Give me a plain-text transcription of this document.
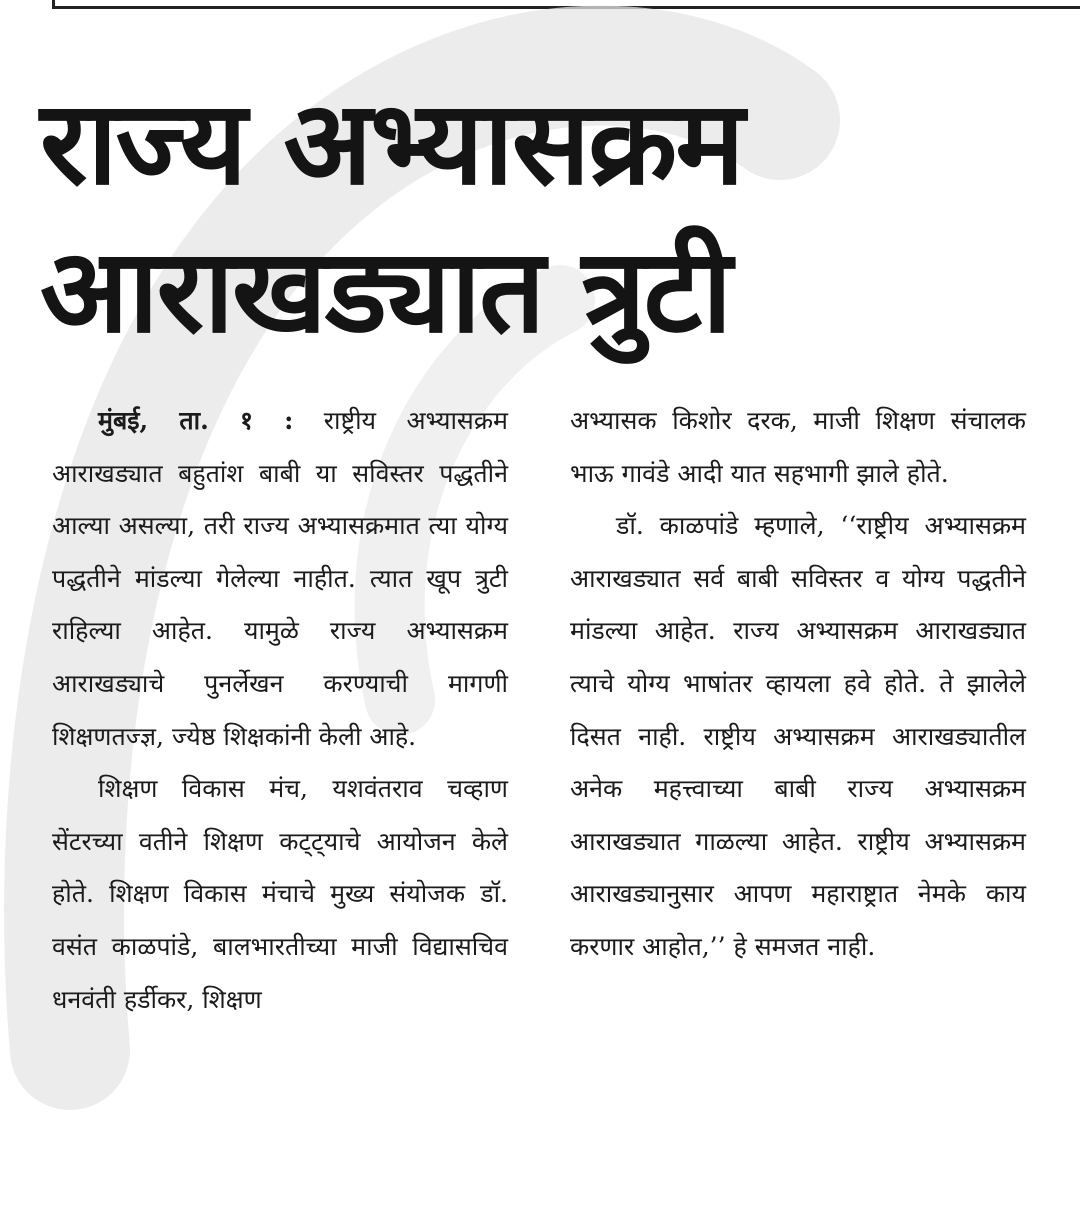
राज्य अभ्यासक्रम
आराखड्यात त्रुटी

मुंबई, ता. १ : राष्ट्रीय अभ्यासक्रम आराखड्यात बहुतांश बाबी या सविस्तर पद्धतीने आल्या असल्या, तरी राज्य अभ्यासक्रमात त्या योग्य पद्धतीने मांडल्या गेलेल्या नाहीत. त्यात खूप त्रुटी राहिल्या आहेत. यामुळे राज्य अभ्यासक्रम आराखड्याचे पुनर्लेखन करण्याची मागणी शिक्षणतज्ज्ञ, ज्येष्ठ शिक्षकांनी केली आहे.

शिक्षण विकास मंच, यशवंतराव चव्हाण सेंटरच्या वतीने शिक्षण कट्ट्याचे आयोजन केले होते. शिक्षण विकास मंचाचे मुख्य संयोजक डॉ. वसंत काळपांडे, बालभारतीच्या माजी विद्यासचिव धनवंती हर्डीकर, शिक्षण

अभ्यासक किशोर दरक, माजी शिक्षण संचालक भाऊ गावंडे आदी यात सहभागी झाले होते.

डॉ. काळपांडे म्हणाले, ‘‘राष्ट्रीय अभ्यासक्रम आराखड्यात सर्व बाबी सविस्तर व योग्य पद्धतीने मांडल्या आहेत. राज्य अभ्यासक्रम आराखड्यात त्याचे योग्य भाषांतर व्हायला हवे होते. ते झालेले दिसत नाही. राष्ट्रीय अभ्यासक्रम आराखड्यातील अनेक महत्त्वाच्या बाबी राज्य अभ्यासक्रम आराखड्यात गाळल्या आहेत. राष्ट्रीय अभ्यासक्रम आराखड्यानुसार आपण महाराष्ट्रात नेमके काय करणार आहोत,’’ हे समजत नाही.
